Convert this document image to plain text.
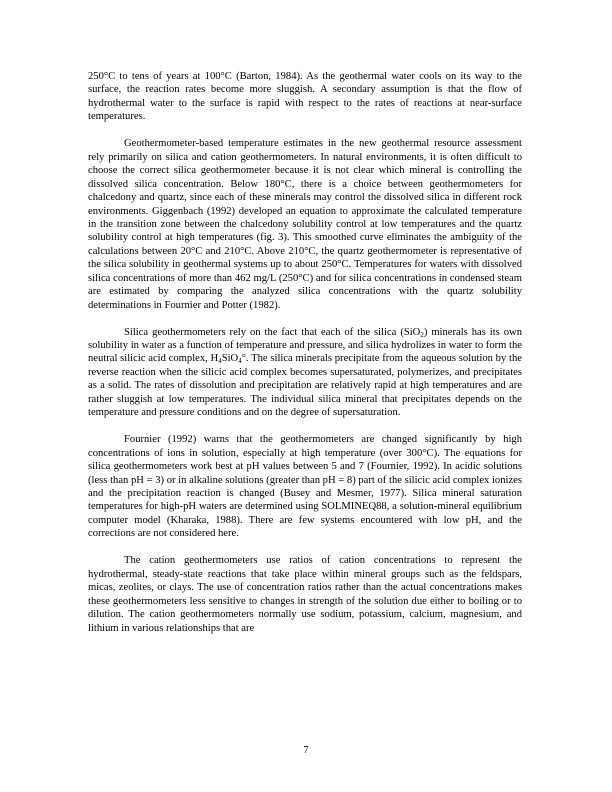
250°C to tens of years at 100°C (Barton, 1984). As the geothermal water cools on its way to the surface, the reaction rates become more sluggish. A secondary assumption is that the flow of hydrothermal water to the surface is rapid with respect to the rates of reactions at near-surface temperatures.

Geothermometer-based temperature estimates in the new geothermal resource assessment rely primarily on silica and cation geothermometers. In natural environments, it is often difficult to choose the correct silica geothermometer because it is not clear which mineral is controlling the dissolved silica concentration. Below 180°C, there is a choice between geothermometers for chalcedony and quartz, since each of these minerals may control the dissolved silica in different rock environments. Giggenbach (1992) developed an equation to approximate the calculated temperature in the transition zone between the chalcedony solubility control at low temperatures and the quartz solubility control at high temperatures (fig. 3). This smoothed curve eliminates the ambiguity of the calculations between 20°C and 210°C. Above 210°C, the quartz geothermometer is representative of the silica solubility in geothermal systems up to about 250°C. Temperatures for waters with dissolved silica concentrations of more than 462 mg/L (250°C) and for silica concentrations in condensed steam are estimated by comparing the analyzed silica concentrations with the quartz solubility determinations in Fournier and Potter (1982).

Silica geothermometers rely on the fact that each of the silica (SiO$_2$) minerals has its own solubility in water as a function of temperature and pressure, and silica hydrolizes in water to form the neutral silicic acid complex, $H_4SiO_4^\circ$. The silica minerals precipitate from the aqueous solution by the reverse reaction when the silicic acid complex becomes supersaturated, polymerizes, and precipitates as a solid. The rates of dissolution and precipitation are relatively rapid at high temperatures and are rather sluggish at low temperatures. The individual silica mineral that precipitates depends on the temperature and pressure conditions and on the degree of supersaturation.

Fournier (1992) warns that the geothermometers are changed significantly by high concentrations of ions in solution, especially at high temperature (over 300°C). The equations for silica geothermometers work best at pH values between 5 and 7 (Fournier, 1992). In acidic solutions (less than pH = 3) or in alkaline solutions (greater than pH = 8) part of the silicic acid complex ionizes and the precipitation reaction is changed (Busey and Mesmer, 1977). Silica mineral saturation temperatures for high-pH waters are determined using SOLMINEQ88, a solution-mineral equilibrium computer model (Kharaka, 1988). There are few systems encountered with low pH, and the corrections are not considered here.

The cation geothermometers use ratios of cation concentrations to represent the hydrothermal, steady-state reactions that take place within mineral groups such as the feldspars, micas, zeolites, or clays. The use of concentration ratios rather than the actual concentrations makes these geothermometers less sensitive to changes in strength of the solution due either to boiling or to dilution. The cation geothermometers normally use sodium, potassium, calcium, magnesium, and lithium in various relationships that are

7
